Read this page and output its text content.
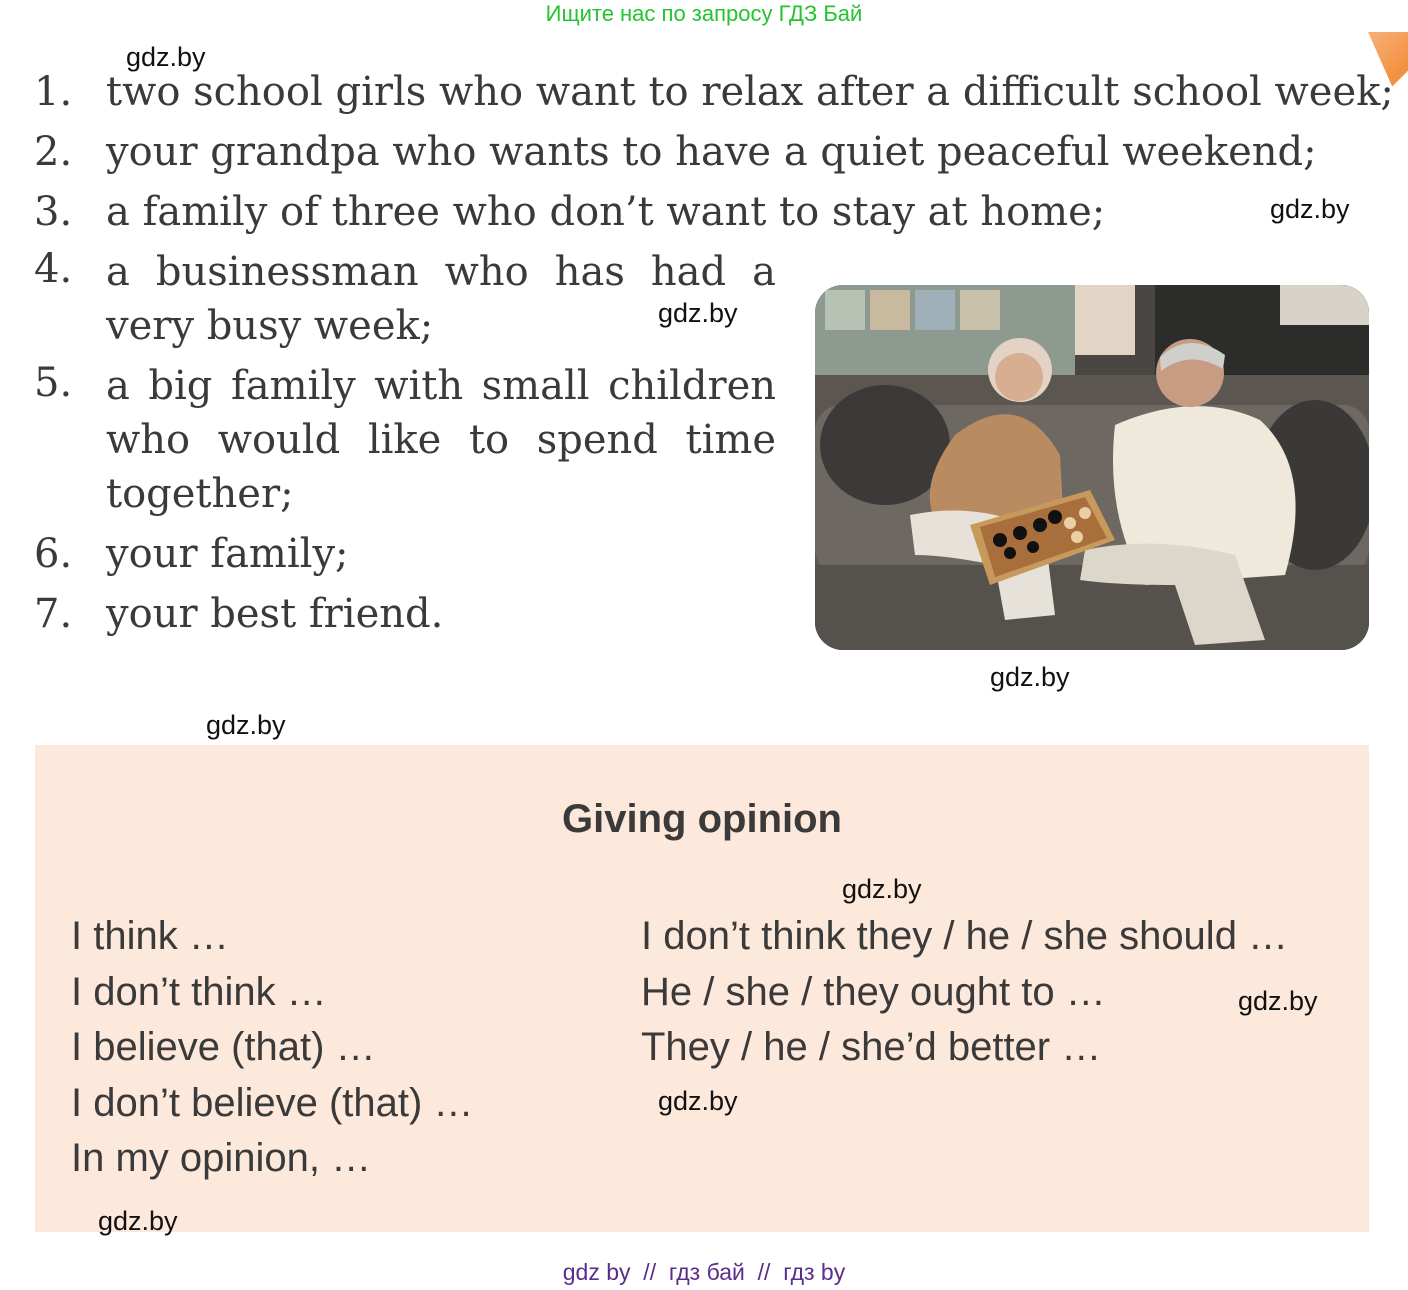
Ищите нас по запросу ГДЗ Бай
1. two school girls who want to relax after a difficult school week;
2. your grandpa who wants to have a quiet peaceful weekend;
3. a family of three who don’t want to stay at home;
4. a businessman who has had a very busy week;
5. a big family with small children who would like to spend time together;
6. your family;
7. your best friend.
Giving opinion
I think …
I don’t think …
I believe (that) …
I don’t believe (that) …
In my opinion, …
I don’t think they / he / she should …
He / she / they ought to …
They / he / she’d better …
gdz.by
gdz.by
gdz.by
gdz.by
gdz.by
gdz.by
gdz.by
gdz.by
gdz.by
gdz by  //  гдз бай  //  гдз by
